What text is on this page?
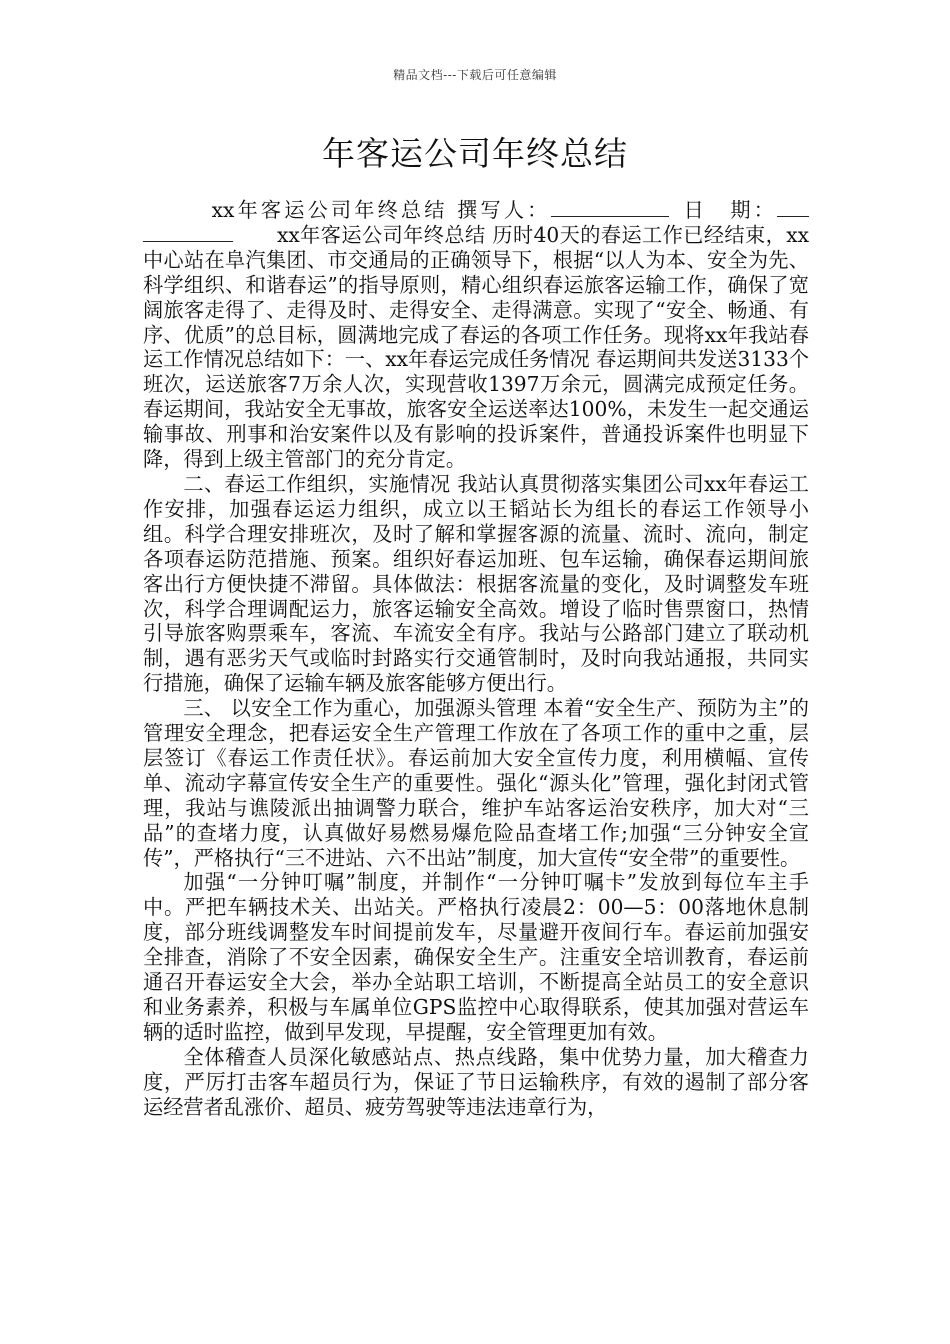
精品文档---下载后可任意编辑
年客运公司年终总结

xx年客运公司年终总结 撰写人：	日　期： xx年客运公司年终总结 历时40天的春运工作已经结束，xx中心站在阜汽集团、市交通局的正确领导下，根据“以人为本、安全为先、科学组织、和谐春运”的指导原则，精心组织春运旅客运输工作，确保了宽阔旅客走得了、走得及时、走得安全、走得满意。实现了“安全、畅通、有序、优质”的总目标，圆满地完成了春运的各项工作任务。现将xx年我站春运工作情况总结如下：一、xx年春运完成任务情况 春运期间共发送3133个班次，运送旅客7万余人次，实现营收1397万余元，圆满完成预定任务。春运期间，我站安全无事故，旅客安全运送率达100%，未发生一起交通运输事故、刑事和治安案件以及有影响的投诉案件，普通投诉案件也明显下降，得到上级主管部门的充分肯定。

二、春运工作组织，实施情况 我站认真贯彻落实集团公司xx年春运工作安排，加强春运运力组织，成立以王韬站长为组长的春运工作领导小组。科学合理安排班次，及时了解和掌握客源的流量、流时、流向，制定各项春运防范措施、预案。组织好春运加班、包车运输，确保春运期间旅客出行方便快捷不滞留。具体做法：根据客流量的变化，及时调整发车班次，科学合理调配运力，旅客运输安全高效。增设了临时售票窗口，热情引导旅客购票乘车，客流、车流安全有序。我站与公路部门建立了联动机制，遇有恶劣天气或临时封路实行交通管制时，及时向我站通报，共同实行措施，确保了运输车辆及旅客能够方便出行。

三、 以安全工作为重心，加强源头管理 本着“安全生产、预防为主”的管理安全理念，把春运安全生产管理工作放在了各项工作的重中之重，层层签订《春运工作责任状》。春运前加大安全宣传力度，利用横幅、宣传单、流动字幕宣传安全生产的重要性。强化“源头化”管理，强化封闭式管理，我站与谯陵派出抽调警力联合，维护车站客运治安秩序，加大对“三品”的查堵力度，认真做好易燃易爆危险品查堵工作;加强“三分钟安全宣传”，严格执行“三不进站、六不出站”制度，加大宣传“安全带”的重要性。

加强“一分钟叮嘱”制度，并制作“一分钟叮嘱卡”发放到每位车主手中。严把车辆技术关、出站关。严格执行凌晨2：00—5：00落地休息制度，部分班线调整发车时间提前发车，尽量避开夜间行车。春运前加强安全排查，消除了不安全因素，确保安全生产。注重安全培训教育，春运前通召开春运安全大会，举办全站职工培训，不断提高全站员工的安全意识和业务素养，积极与车属单位GPS监控中心取得联系，使其加强对营运车辆的适时监控，做到早发现，早提醒，安全管理更加有效。

全体稽查人员深化敏感站点、热点线路，集中优势力量，加大稽查力度，严厉打击客车超员行为，保证了节日运输秩序，有效的遏制了部分客运经营者乱涨价、超员、疲劳驾驶等违法违章行为，
